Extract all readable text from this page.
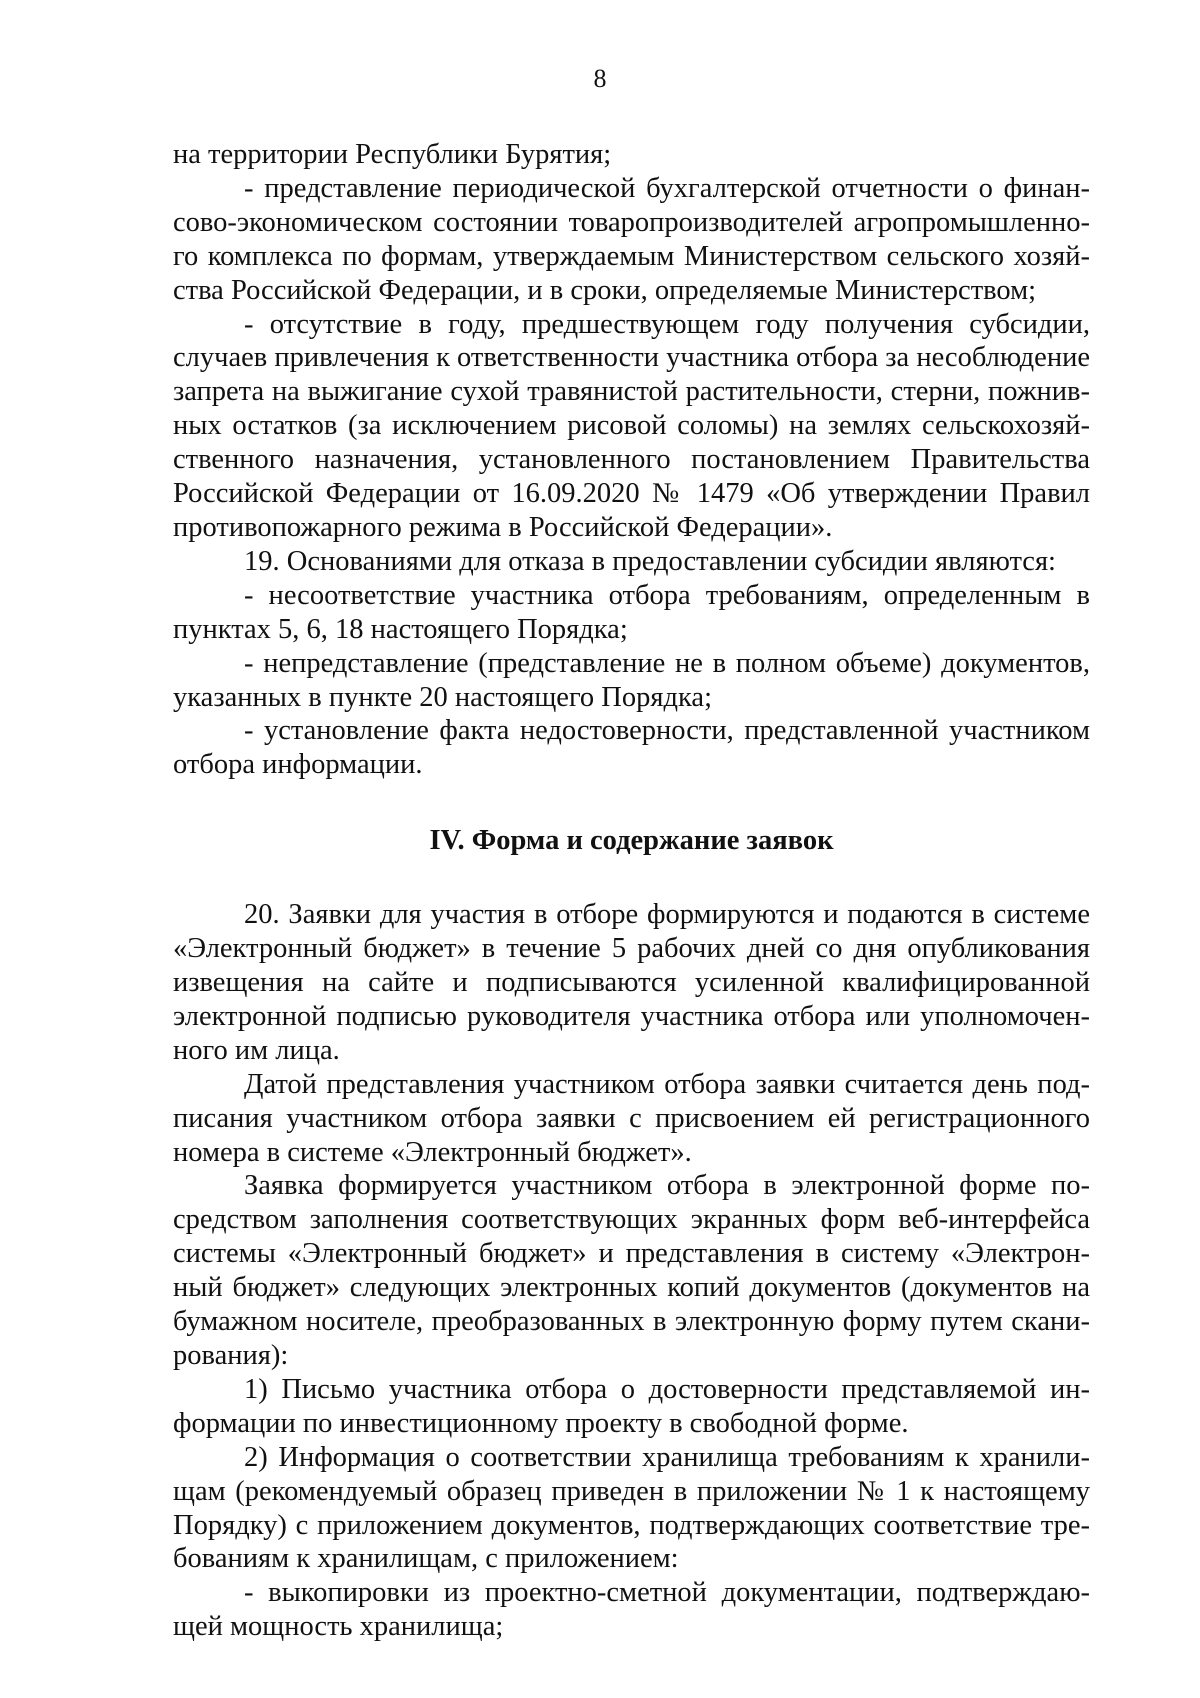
8

на территории Республики Бурятия;

- представление периодической бухгалтерской отчетности о финансово-экономическом состоянии товаропроизводителей агропромышленного комплекса по формам, утверждаемым Министерством сельского хозяйства Российской Федерации, и в сроки, определяемые Министерством;

- отсутствие в году, предшествующем году получения субсидии, случаев привлечения к ответственности участника отбора за несоблюдение запрета на выжигание сухой травянистой растительности, стерни, пожнивных остатков (за исключением рисовой соломы) на землях сельскохозяйственного назначения, установленного постановлением Правительства Российской Федерации от 16.09.2020 № 1479 «Об утверждении Правил противопожарного режима в Российской Федерации».

19. Основаниями для отказа в предоставлении субсидии являются:

- несоответствие участника отбора требованиям, определенным в пунктах 5, 6, 18 настоящего Порядка;

- непредставление (представление не в полном объеме) документов, указанных в пункте 20 настоящего Порядка;

- установление факта недостоверности, представленной участником отбора информации.

IV. Форма и содержание заявок

20. Заявки для участия в отборе формируются и подаются в системе «Электронный бюджет» в течение 5 рабочих дней со дня опубликования извещения на сайте и подписываются усиленной квалифицированной электронной подписью руководителя участника отбора или уполномоченного им лица.

Датой представления участником отбора заявки считается день подписания участником отбора заявки с присвоением ей регистрационного номера в системе «Электронный бюджет».

Заявка формируется участником отбора в электронной форме посредством заполнения соответствующих экранных форм веб-интерфейса системы «Электронный бюджет» и представления в систему «Электронный бюджет» следующих электронных копий документов (документов на бумажном носителе, преобразованных в электронную форму путем сканирования):

1) Письмо участника отбора о достоверности представляемой информации по инвестиционному проекту в свободной форме.

2) Информация о соответствии хранилища требованиям к хранилищам (рекомендуемый образец приведен в приложении № 1 к настоящему Порядку) с приложением документов, подтверждающих соответствие требованиям к хранилищам, с приложением:

- выкопировки из проектно-сметной документации, подтверждающей мощность хранилища;
